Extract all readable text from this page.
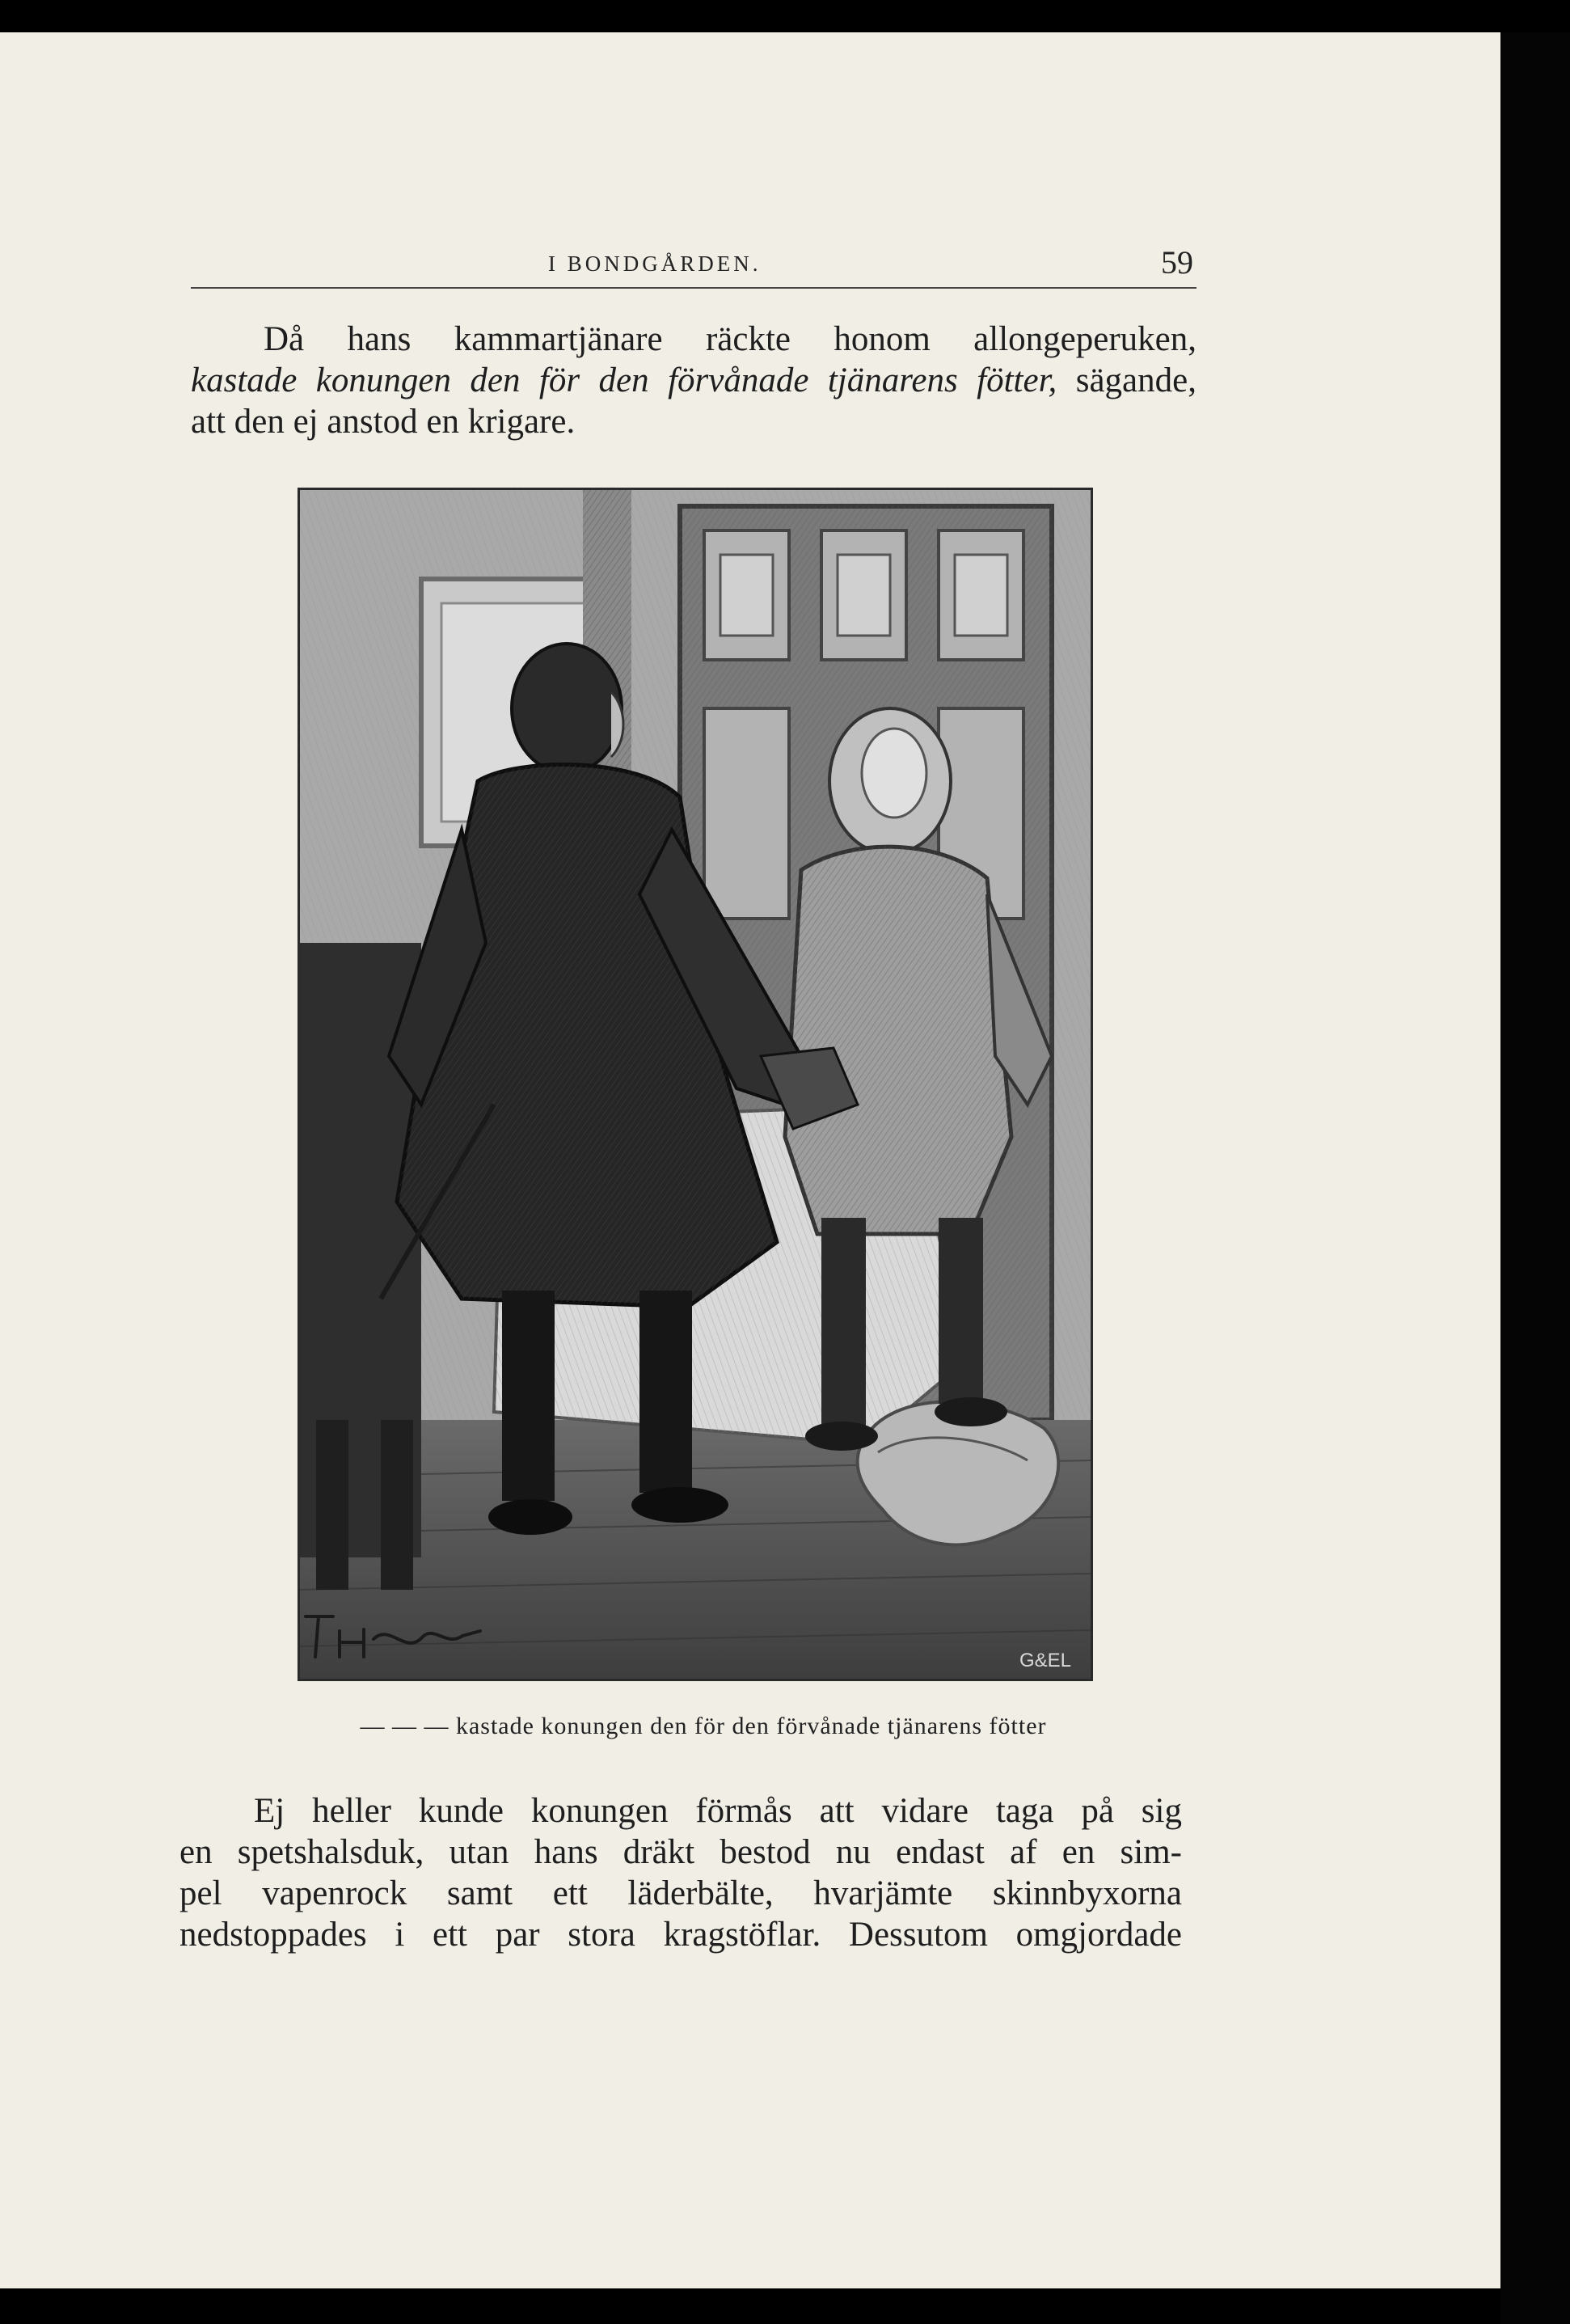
I BONDGÅRDEN.	59
Då hans kammartjänare räckte honom allongeperuken,
kastade konungen den för den förvånade tjänarens fötter, sägande,
att den ej anstod en krigare.
G&EL
— — — kastade konungen den för den förvånade tjänarens fötter
Ej heller kunde konungen förmås att vidare taga på sig
en spetshalsduk, utan hans dräkt bestod nu endast af en sim-
pel vapenrock samt ett läderbälte, hvarjämte skinnbyxorna
nedstoppades i ett par stora kragstöflar. Dessutom omgjordade
